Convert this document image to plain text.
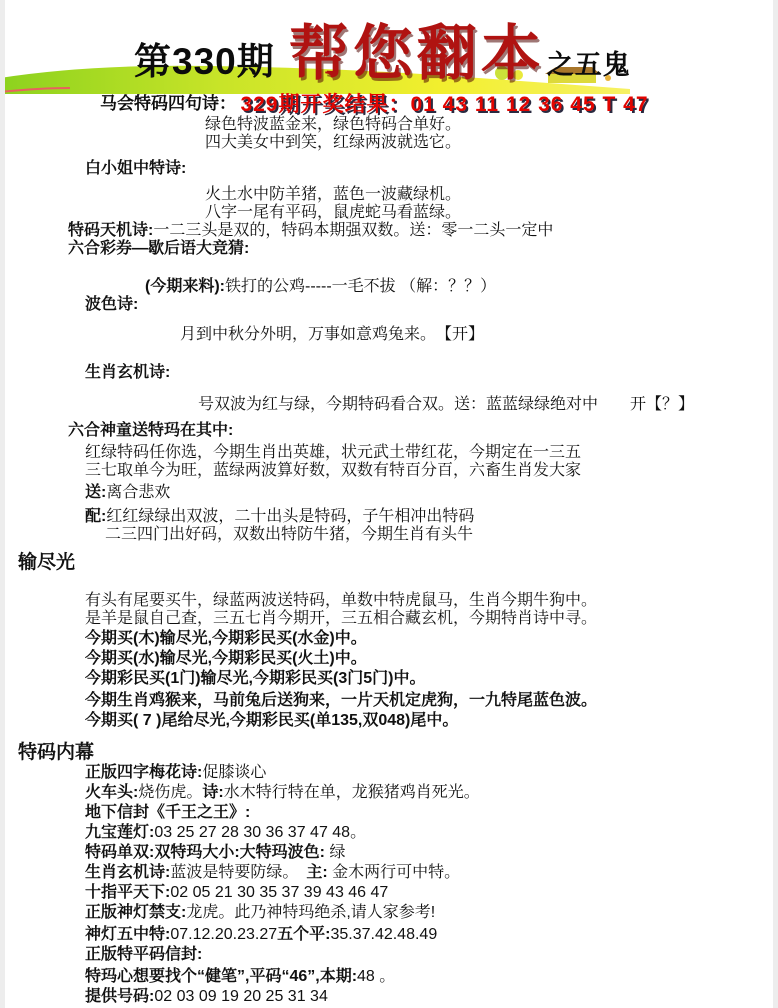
第330期 帮您翻本 之五鬼
马会特码四句诗： 329期开奖结果：01 43 11 12 36 45 T 47
绿色特波蓝金来，绿色特码合单好。
四大美女中到笑，红绿两波就选它。
白小姐中特诗:
火土水中防羊猪，蓝色一波藏绿机。
八字一尾有平码，鼠虎蛇马看蓝绿。
特码天机诗:一二三头是双的，特码本期强双数。送：零一二头一定中
六合彩券—歇后语大竞猜:
(今期来料):铁打的公鸡-----一毛不拔 （解：？？）
波色诗:
月到中秋分外明，万事如意鸡兔来。　【开】
生肖玄机诗:
号双波为红与绿，今期特码看合双。送：蓝蓝绿绿绝对中　　开【？】
六合神童送特玛在其中:
红绿特码任你选，今期生肖出英雄，状元武土带红花，今期定在一三五
三七取单今为旺，蓝绿两波算好数，双数有特百分百，六畜生肖发大家
送:离合悲欢
配:红红绿绿出双波，二十出头是特码，子午相冲出特码
二三四门出好码，双数出特防牛猪，今期生肖有头牛
输尽光
有头有尾要买牛，绿蓝两波送特码，单数中特虎鼠马，生肖今期牛狗中。
是羊是鼠自己查，三五七肖今期开，三五相合藏玄机，今期特肖诗中寻。
今期买(木)输尽光,今期彩民买(水金)中。
今期买(水)输尽光,今期彩民买(火土)中。
今期彩民买(1门)输尽光,今期彩民买(3门5门)中。
今期生肖鸡猴来，马前兔后送狗来，一片天机定虎狗，一九特尾蓝色波。
今期买( 7 )尾给尽光,今期彩民买(单135,双048)尾中。
特码内幕
正版四字梅花诗:促膝谈心
火车头:烧伤虎。诗:水木特行特在单，龙猴猪鸡肖死光。
地下信封《千王之王》:
九宝莲灯:03 25 27 28 30 36 37 47 48。
特码单双:双特玛大小:大特玛波色: 绿
生肖玄机诗:蓝波是特要防绿。　主: 金木两行可中特。
十指平天下:02 05 21 30 35 37 39 43 46 47
正版神灯禁支:龙虎。此乃神特玛绝杀,请人家参考!
神灯五中特:07.12.20.23.27五个平:35.37.42.48.49
正版特平码信封:
特玛心想要找个“健笔”,平码“46”,本期:48 。
提供号码:02 03 09 19 20 25 31 34
